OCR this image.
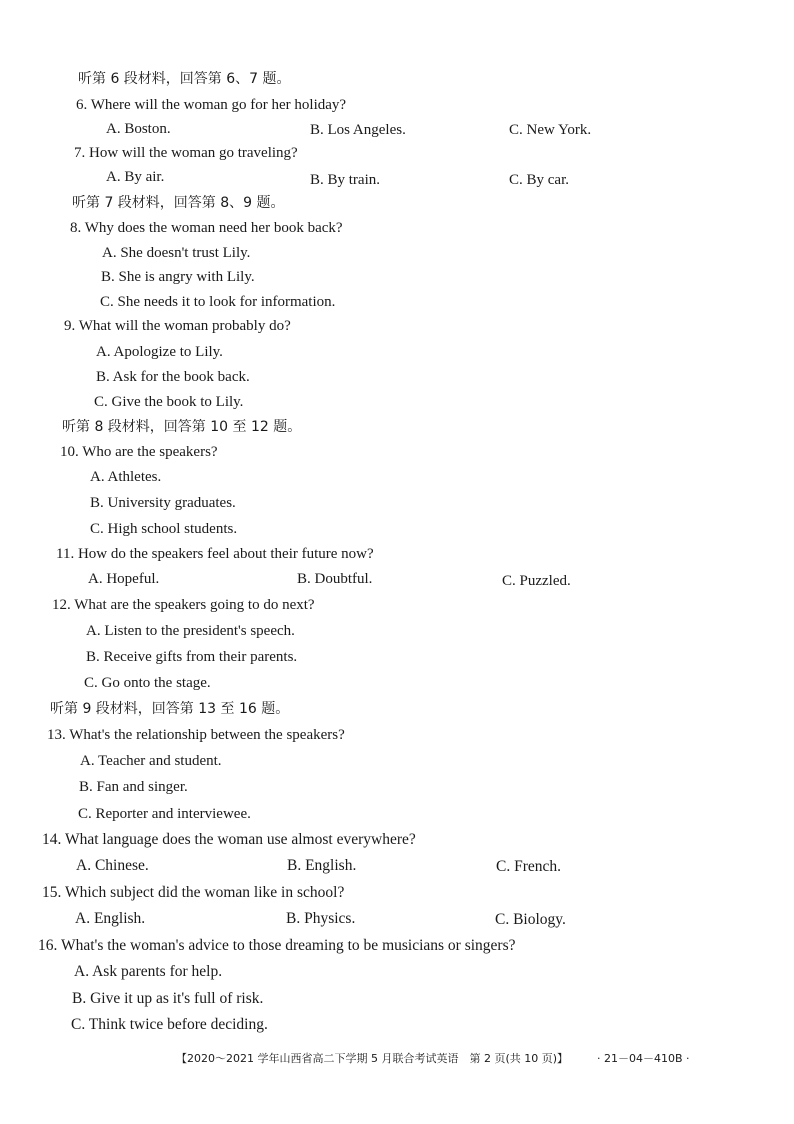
听第 6 段材料，回答第 6、7 题。
6. Where will the woman go for her holiday?
A. Boston.	B. Los Angeles.	C. New York.
7. How will the woman go traveling?
A. By air.	B. By train.	C. By car.
听第 7 段材料，回答第 8、9 题。
8. Why does the woman need her book back?
A. She doesn't trust Lily.
B. She is angry with Lily.
C. She needs it to look for information.
9. What will the woman probably do?
A. Apologize to Lily.
B. Ask for the book back.
C. Give the book to Lily.
听第 8 段材料，回答第 10 至 12 题。
10. Who are the speakers?
A. Athletes.
B. University graduates.
C. High school students.
11. How do the speakers feel about their future now?
A. Hopeful.	B. Doubtful.	C. Puzzled.
12. What are the speakers going to do next?
A. Listen to the president's speech.
B. Receive gifts from their parents.
C. Go onto the stage.
听第 9 段材料，回答第 13 至 16 题。
13. What's the relationship between the speakers?
A. Teacher and student.
B. Fan and singer.
C. Reporter and interviewee.
14. What language does the woman use almost everywhere?
A. Chinese.	B. English.	C. French.
15. Which subject did the woman like in school?
A. English.	B. Physics.	C. Biology.
16. What's the woman's advice to those dreaming to be musicians or singers?
A. Ask parents for help.
B. Give it up as it's full of risk.
C. Think twice before deciding.
【2020～2021 学年山西省高二下学期 5 月联合考试英语　第 2 页(共 10 页)】	· 21－04－410B ·
